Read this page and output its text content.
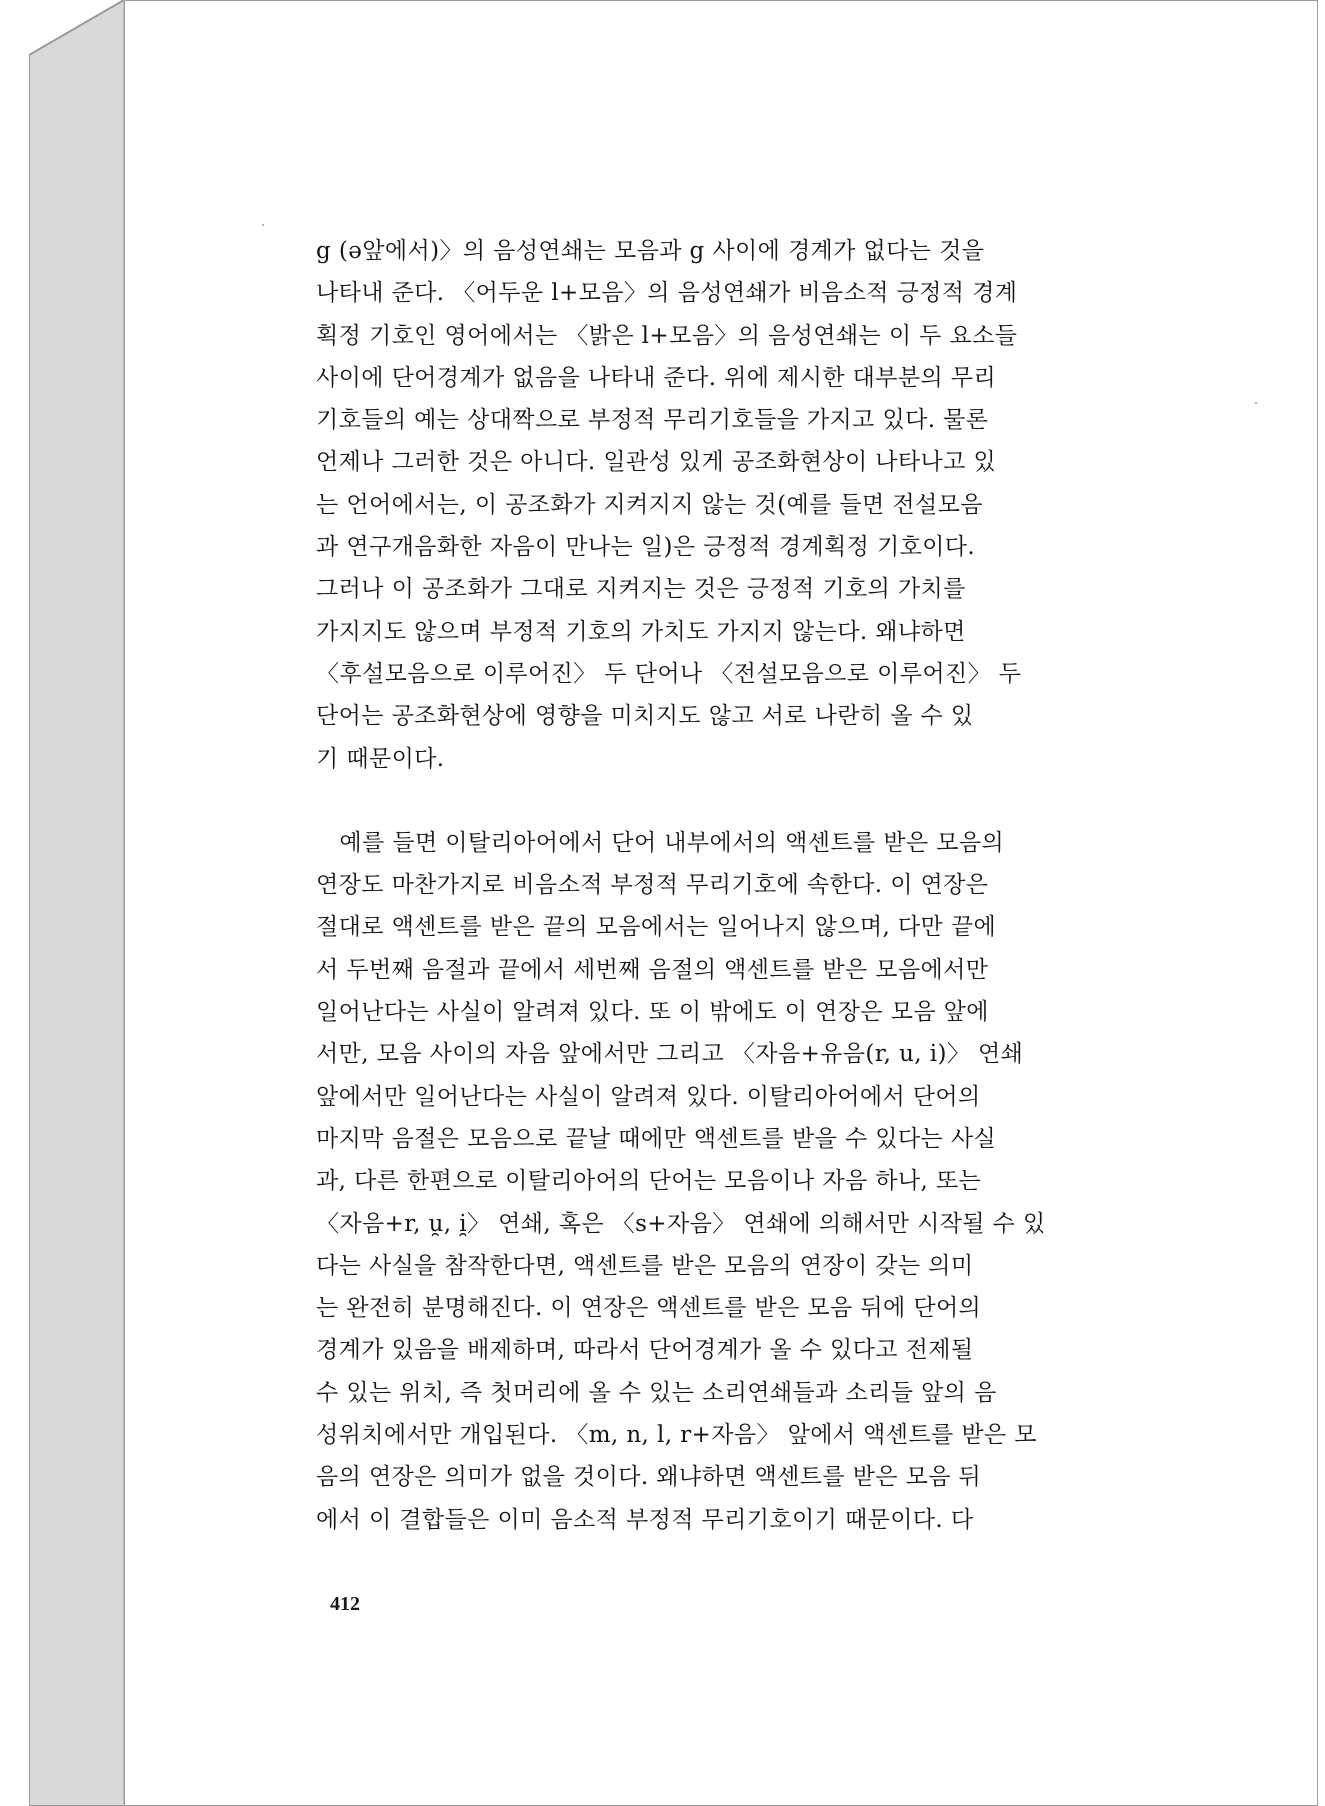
g (ə앞에서)〉의 음성연쇄는 모음과 g 사이에 경계가 없다는 것을
나타내 준다. 〈어두운 l+모음〉의 음성연쇄가 비음소적 긍정적 경계
획정 기호인 영어에서는 〈밝은 l+모음〉의 음성연쇄는 이 두 요소들
사이에 단어경계가 없음을 나타내 준다. 위에 제시한 대부분의 무리
기호들의 예는 상대짝으로 부정적 무리기호들을 가지고 있다. 물론
언제나 그러한 것은 아니다. 일관성 있게 공조화현상이 나타나고 있
는 언어에서는, 이 공조화가 지켜지지 않는 것(예를 들면 전설모음
과 연구개음화한 자음이 만나는 일)은 긍정적 경계획정 기호이다.
그러나 이 공조화가 그대로 지켜지는 것은 긍정적 기호의 가치를
가지지도 않으며 부정적 기호의 가치도 가지지 않는다. 왜냐하면
〈후설모음으로 이루어진〉 두 단어나 〈전설모음으로 이루어진〉 두
단어는 공조화현상에 영향을 미치지도 않고 서로 나란히 올 수 있
기 때문이다.

　예를 들면 이탈리아어에서 단어 내부에서의 액센트를 받은 모음의
연장도 마찬가지로 비음소적 부정적 무리기호에 속한다. 이 연장은
절대로 액센트를 받은 끝의 모음에서는 일어나지 않으며, 다만 끝에
서 두번째 음절과 끝에서 세번째 음절의 액센트를 받은 모음에서만
일어난다는 사실이 알려져 있다. 또 이 밖에도 이 연장은 모음 앞에
서만, 모음 사이의 자음 앞에서만 그리고 〈자음+유음(r, u, i)〉 연쇄
앞에서만 일어난다는 사실이 알려져 있다. 이탈리아어에서 단어의
마지막 음절은 모음으로 끝날 때에만 액센트를 받을 수 있다는 사실
과, 다른 한편으로 이탈리아어의 단어는 모음이나 자음 하나, 또는
〈자음+r, u̯, i̯〉 연쇄, 혹은 〈s+자음〉 연쇄에 의해서만 시작될 수 있
다는 사실을 참작한다면, 액센트를 받은 모음의 연장이 갖는 의미
는 완전히 분명해진다. 이 연장은 액센트를 받은 모음 뒤에 단어의
경계가 있음을 배제하며, 따라서 단어경계가 올 수 있다고 전제될
수 있는 위치, 즉 첫머리에 올 수 있는 소리연쇄들과 소리들 앞의 음
성위치에서만 개입된다. 〈m, n, l, r+자음〉 앞에서 액센트를 받은 모
음의 연장은 의미가 없을 것이다. 왜냐하면 액센트를 받은 모음 뒤
에서 이 결합들은 이미 음소적 부정적 무리기호이기 때문이다. 다

412
